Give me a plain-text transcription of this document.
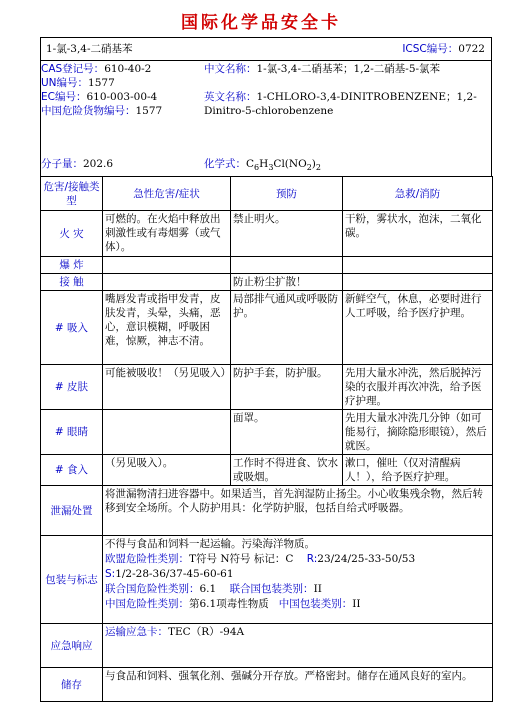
国际化学品安全卡
1-氯-3,4-二硝基苯	ICSC编号：0722
CAS登记号：610-40-2
UN编号：1577
EC编号：610-003-00-4
中国危险货物编号：1577
中文名称：1-氯-3,4-二硝基苯；1,2-二硝基-5-氯苯
英文名称：1-CHLORO-3,4-DINITROBENZENE；1,2-Dinitro-5-chlorobenzene
分子量：202.6	化学式：$C_6H_3Cl(NO_2)_2$
危害/接触类型	急性危害/症状	预防	急救/消防
火 灾	可燃的。在火焰中释放出刺激性或有毒烟雾（或气体）。	禁止明火。	干粉，雾状水，泡沫，二氧化碳。
爆 炸			
接 触		防止粉尘扩散！	
# 吸入	嘴唇发青或指甲发青，皮肤发青，头晕，头痛，恶心，意识模糊，呼吸困难，惊厥，神志不清。	局部排气通风或呼吸防护。	新鲜空气，休息，必要时进行人工呼吸，给予医疗护理。
# 皮肤	可能被吸收！（另见吸入）	防护手套，防护服。	先用大量水冲洗，然后脱掉污染的衣服并再次冲洗，给予医疗护理。
# 眼睛		面罩。	先用大量水冲洗几分钟（如可能易行，摘除隐形眼镜），然后就医。
# 食入	（另见吸入）。	工作时不得进食、饮水或吸烟。	漱口，催吐（仅对清醒病人！），给予医疗护理。
泄漏处置	将泄漏物清扫进容器中。如果适当，首先润湿防止扬尘。小心收集残余物，然后转移到安全场所。个人防护用具：化学防护服，包括自给式呼吸器。		
包装与标志	不得与食品和饲料一起运输。污染海洋物质。
欧盟危险性类别：T符号 N符号 标记：C R:23/24/25-33-50/53
S:1/2-28-36/37-45-60-61
联合国危险性类别：6.1 联合国包装类别：II
中国危险性类别：第6.1项毒性物质 中国包装类别：II		

应急响应	运输应急卡：TEC（R）-94A		
储存	与食品和饲料、强氧化剂、强碱分开存放。严格密封。储存在通风良好的室内。		
